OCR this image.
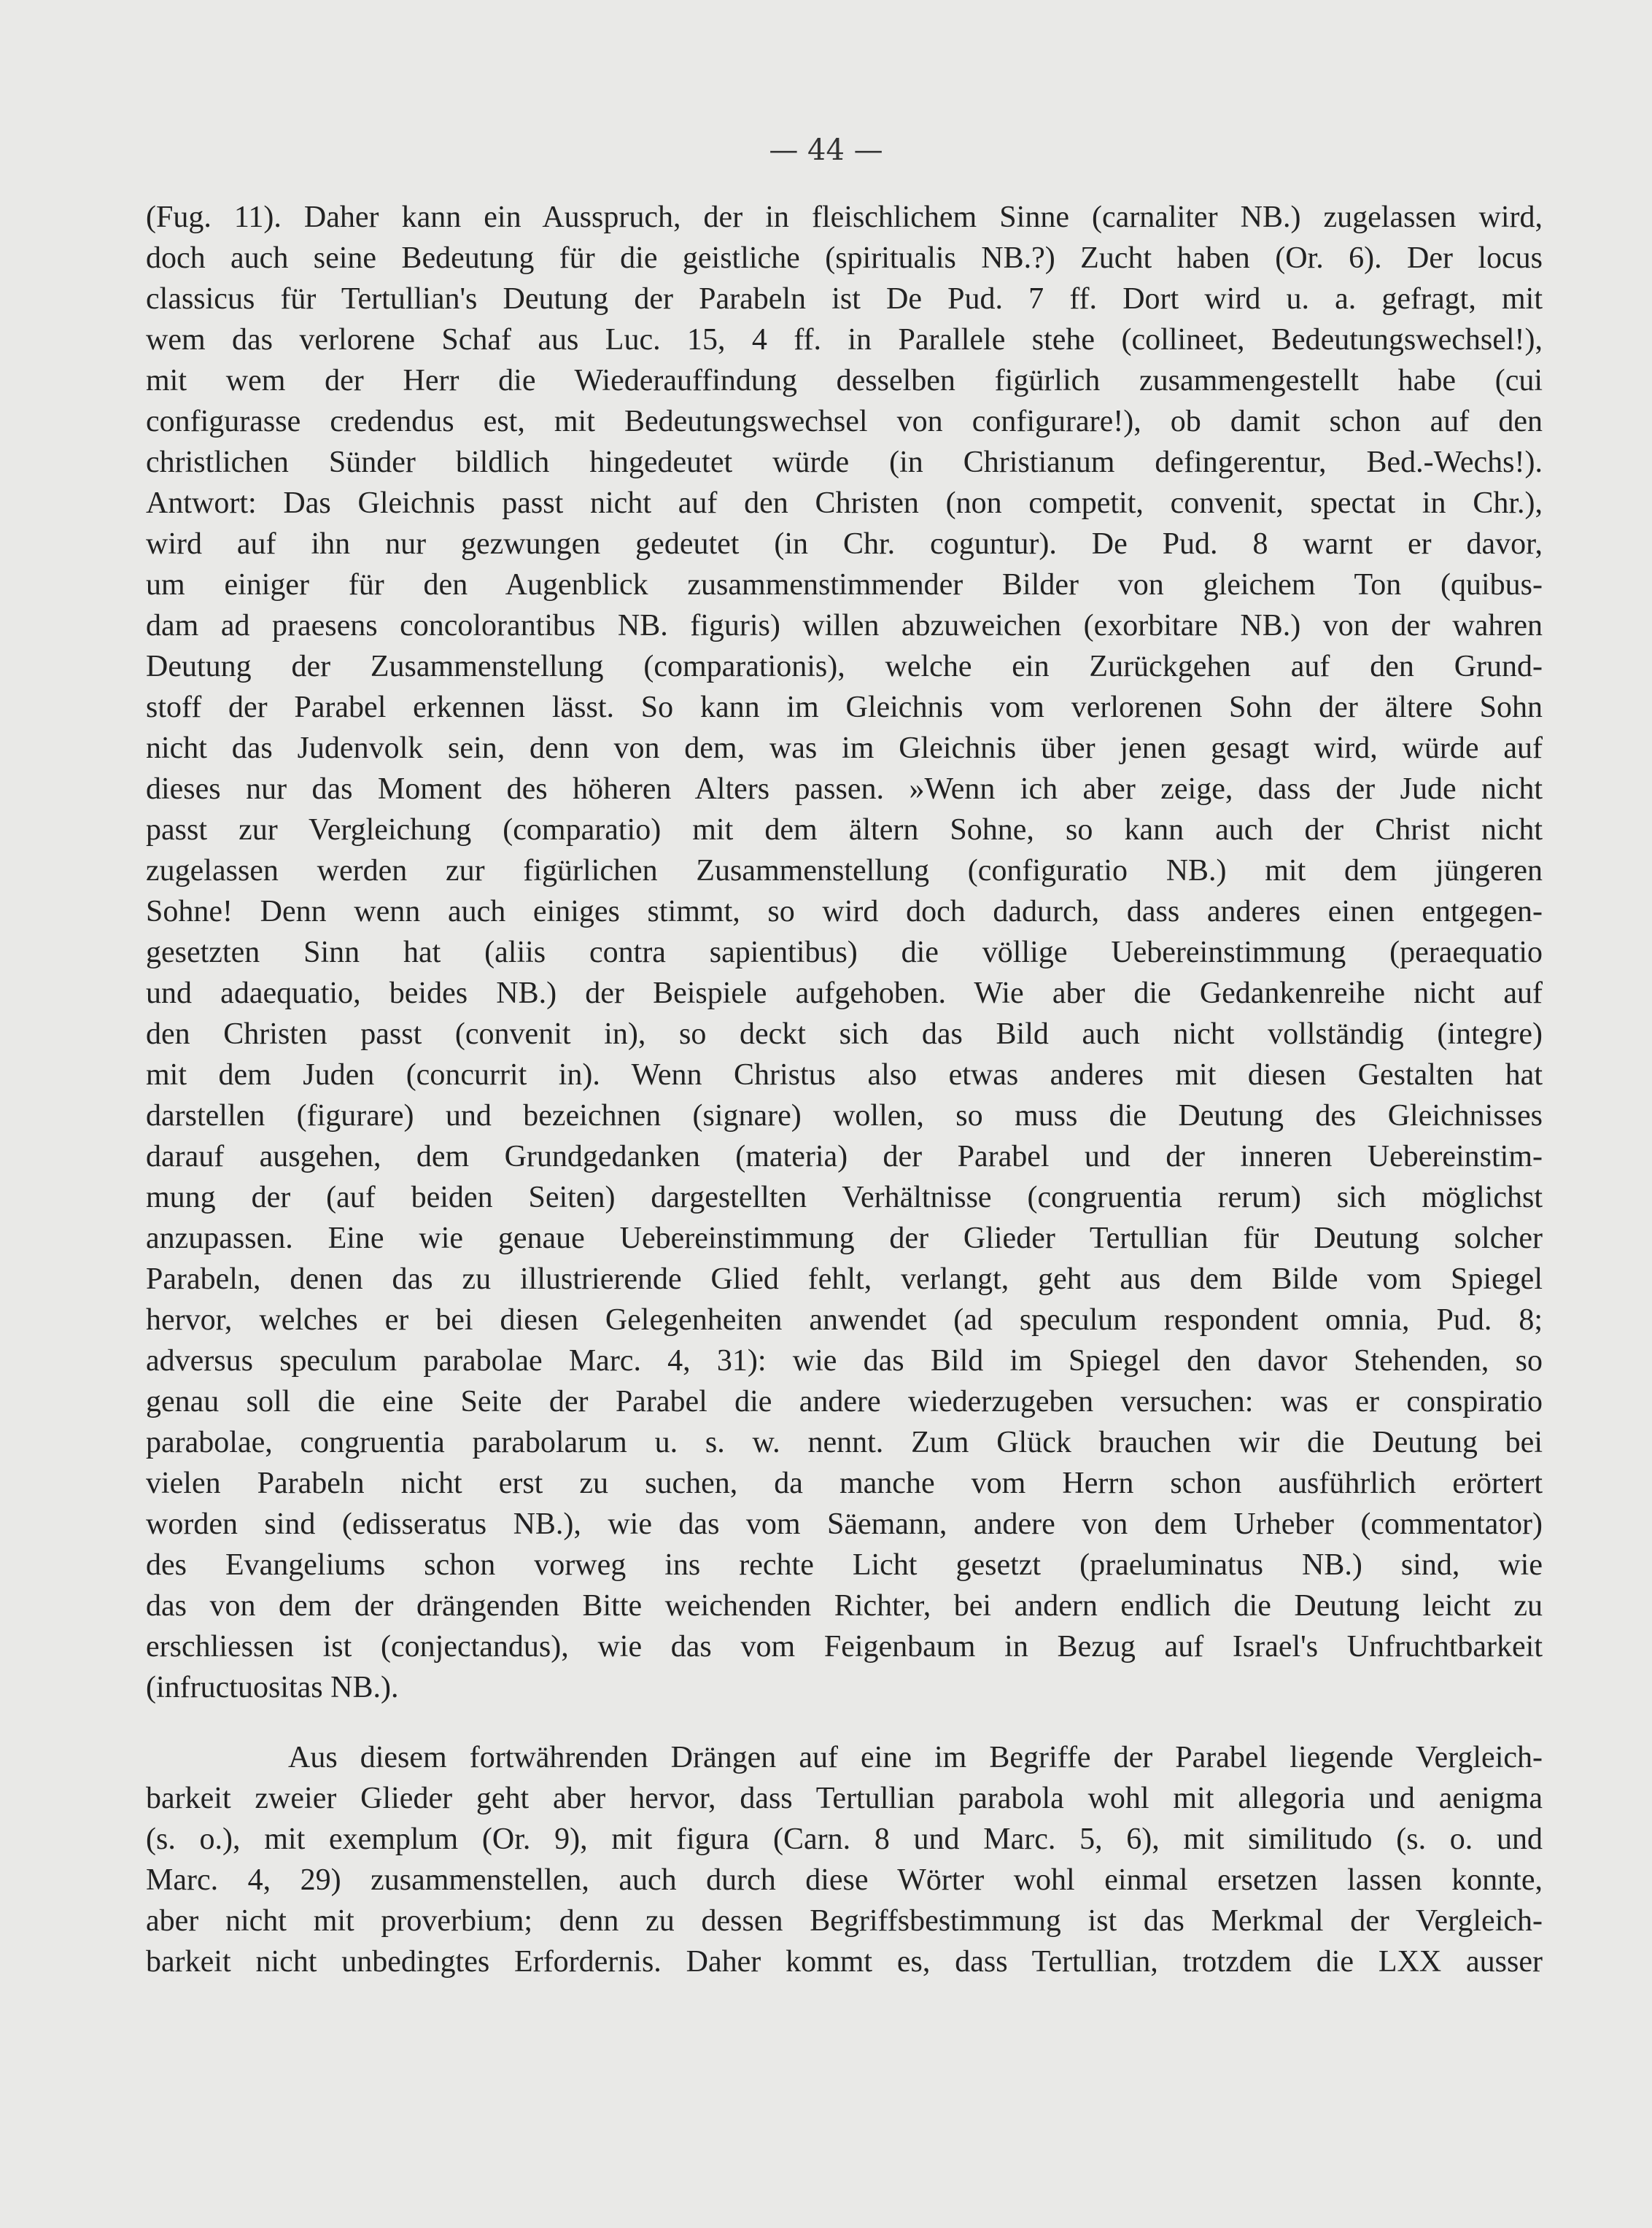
— 44 —
(Fug. 11). Daher kann ein Ausspruch, der in fleischlichem Sinne (carnaliter NB.) zugelassen wird,
doch auch seine Bedeutung für die geistliche (spiritualis NB.?) Zucht haben (Or. 6). Der locus
classicus für Tertullian's Deutung der Parabeln ist De Pud. 7 ff. Dort wird u. a. gefragt, mit
wem das verlorene Schaf aus Luc. 15, 4 ff. in Parallele stehe (collineet, Bedeutungswechsel!),
mit wem der Herr die Wiederauffindung desselben figürlich zusammengestellt habe (cui
configurasse credendus est, mit Bedeutungswechsel von configurare!), ob damit schon auf den
christlichen Sünder bildlich hingedeutet würde (in Christianum defingerentur, Bed.-Wechs!).
Antwort: Das Gleichnis passt nicht auf den Christen (non competit, convenit, spectat in Chr.),
wird auf ihn nur gezwungen gedeutet (in Chr. coguntur). De Pud. 8 warnt er davor,
um einiger für den Augenblick zusammenstimmender Bilder von gleichem Ton (quibus-
dam ad praesens concolorantibus NB. figuris) willen abzuweichen (exorbitare NB.) von der wahren
Deutung der Zusammenstellung (comparationis), welche ein Zurückgehen auf den Grund-
stoff der Parabel erkennen lässt. So kann im Gleichnis vom verlorenen Sohn der ältere Sohn
nicht das Judenvolk sein, denn von dem, was im Gleichnis über jenen gesagt wird, würde auf
dieses nur das Moment des höheren Alters passen. »Wenn ich aber zeige, dass der Jude nicht
passt zur Vergleichung (comparatio) mit dem ältern Sohne, so kann auch der Christ nicht
zugelassen werden zur figürlichen Zusammenstellung (configuratio NB.) mit dem jüngeren
Sohne! Denn wenn auch einiges stimmt, so wird doch dadurch, dass anderes einen entgegen-
gesetzten Sinn hat (aliis contra sapientibus) die völlige Uebereinstimmung (peraequatio
und adaequatio, beides NB.) der Beispiele aufgehoben. Wie aber die Gedankenreihe nicht auf
den Christen passt (convenit in), so deckt sich das Bild auch nicht vollständig (integre)
mit dem Juden (concurrit in). Wenn Christus also etwas anderes mit diesen Gestalten hat
darstellen (figurare) und bezeichnen (signare) wollen, so muss die Deutung des Gleichnisses
darauf ausgehen, dem Grundgedanken (materia) der Parabel und der inneren Uebereinstim-
mung der (auf beiden Seiten) dargestellten Verhältnisse (congruentia rerum) sich möglichst
anzupassen. Eine wie genaue Uebereinstimmung der Glieder Tertullian für Deutung solcher
Parabeln, denen das zu illustrierende Glied fehlt, verlangt, geht aus dem Bilde vom Spiegel
hervor, welches er bei diesen Gelegenheiten anwendet (ad speculum respondent omnia, Pud. 8;
adversus speculum parabolae Marc. 4, 31): wie das Bild im Spiegel den davor Stehenden, so
genau soll die eine Seite der Parabel die andere wiederzugeben versuchen: was er conspiratio
parabolae, congruentia parabolarum u. s. w. nennt. Zum Glück brauchen wir die Deutung bei
vielen Parabeln nicht erst zu suchen, da manche vom Herrn schon ausführlich erörtert
worden sind (edisseratus NB.), wie das vom Säemann, andere von dem Urheber (commentator)
des Evangeliums schon vorweg ins rechte Licht gesetzt (praeluminatus NB.) sind, wie
das von dem der drängenden Bitte weichenden Richter, bei andern endlich die Deutung leicht zu
erschliessen ist (conjectandus), wie das vom Feigenbaum in Bezug auf Israel's Unfruchtbarkeit
(infructuositas NB.).
Aus diesem fortwährenden Drängen auf eine im Begriffe der Parabel liegende Vergleich-
barkeit zweier Glieder geht aber hervor, dass Tertullian parabola wohl mit allegoria und aenigma
(s. o.), mit exemplum (Or. 9), mit figura (Carn. 8 und Marc. 5, 6), mit similitudo (s. o. und
Marc. 4, 29) zusammenstellen, auch durch diese Wörter wohl einmal ersetzen lassen konnte,
aber nicht mit proverbium; denn zu dessen Begriffsbestimmung ist das Merkmal der Vergleich-
barkeit nicht unbedingtes Erfordernis. Daher kommt es, dass Tertullian, trotzdem die LXX ausser
